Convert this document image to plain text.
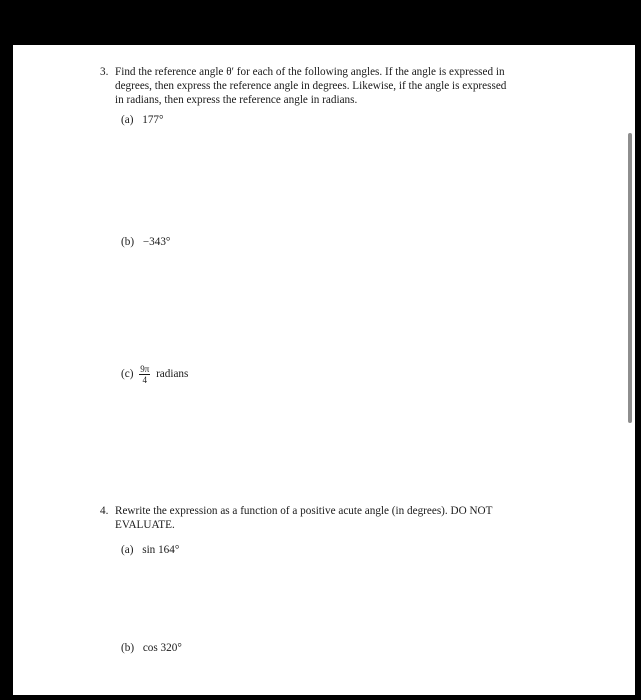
3. Find the reference angle θ′ for each of the following angles. If the angle is expressed in
degrees, then express the reference angle in degrees. Likewise, if the angle is expressed
in radians, then express the reference angle in radians.
(a) 177°
(b) −343°
$(c) \frac{9\pi}{4}$ radians
4. Rewrite the expression as a function of a positive acute angle (in degrees). DO NOT
EVALUATE.
(a) sin 164°
(b) cos 320°
